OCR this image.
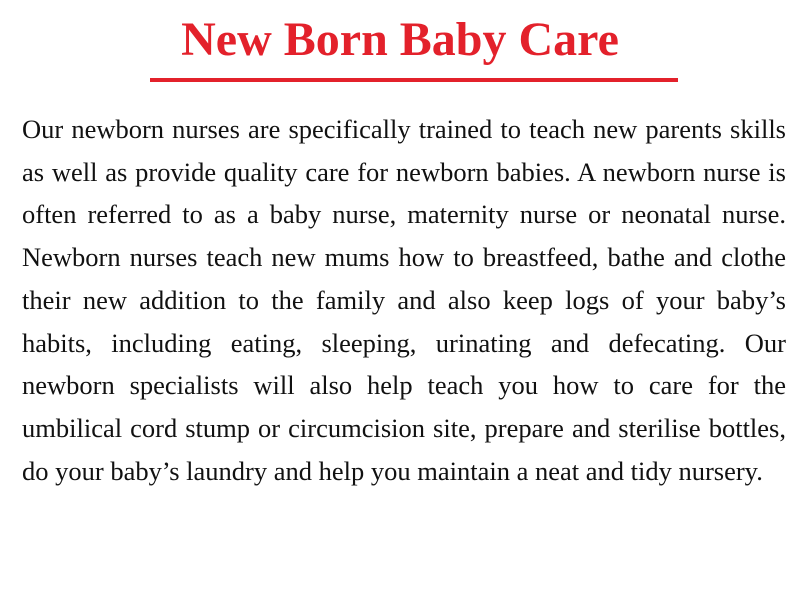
New Born Baby Care

Our newborn nurses are specifically trained to teach new parents skills as well as provide quality care for newborn babies. A newborn nurse is often referred to as a baby nurse, maternity nurse or neonatal nurse. Newborn nurses teach new mums how to breastfeed, bathe and clothe their new addition to the family and also keep logs of your baby’s habits, including eating, sleeping, urinating and defecating. Our newborn specialists will also help teach you how to care for the umbilical cord stump or circumcision site, prepare and sterilise bottles, do your baby’s laundry and help you maintain a neat and tidy nursery.
